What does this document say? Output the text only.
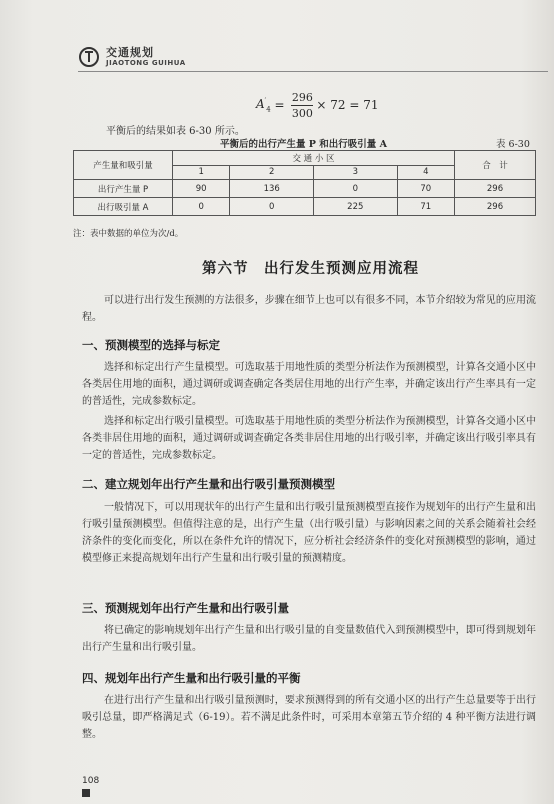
交通规划
JIAOTONG GUIHUA
$A'_4 = \frac{296}{300} \times 72 = 71$
平衡后的结果如表 6-30 所示。
平衡后的出行产生量 P 和出行吸引量 A	表 6-30
产生量和吸引量	交 通 小 区				合　计
	1	2	3	4	
出行产生量 P	90	136	0	70	296
出行吸引量 A	0	0	225	71	296
注：表中数据的单位为次/d。
第六节　出行发生预测应用流程
可以进行出行发生预测的方法很多，步骤在细节上也可以有很多不同，本节介绍较为常见的应用流程。
一、预测模型的选择与标定
选择和标定出行产生量模型。可选取基于用地性质的类型分析法作为预测模型，计算各交通小区中各类居住用地的面积，通过调研或调查确定各类居住用地的出行产生率，并确定该出行产生率具有一定的普适性，完成参数标定。
选择和标定出行吸引量模型。可选取基于用地性质的类型分析法作为预测模型，计算各交通小区中各类非居住用地的面积，通过调研或调查确定各类非居住用地的出行吸引率，并确定该出行吸引率具有一定的普适性，完成参数标定。
二、建立规划年出行产生量和出行吸引量预测模型
一般情况下，可以用现状年的出行产生量和出行吸引量预测模型直接作为规划年的出行产生量和出行吸引量预测模型。但值得注意的是，出行产生量（出行吸引量）与影响因素之间的关系会随着社会经济条件的变化而变化，所以在条件允许的情况下，应分析社会经济条件的变化对预测模型的影响，通过模型修正来提高规划年出行产生量和出行吸引量的预测精度。
三、预测规划年出行产生量和出行吸引量
将已确定的影响规划年出行产生量和出行吸引量的自变量数值代入到预测模型中，即可得到规划年出行产生量和出行吸引量。
四、规划年出行产生量和出行吸引量的平衡
在进行出行产生量和出行吸引量预测时，要求预测得到的所有交通小区的出行产生总量要等于出行吸引总量，即严格满足式（6-19）。若不满足此条件时，可采用本章第五节介绍的 4 种平衡方法进行调整。
108
